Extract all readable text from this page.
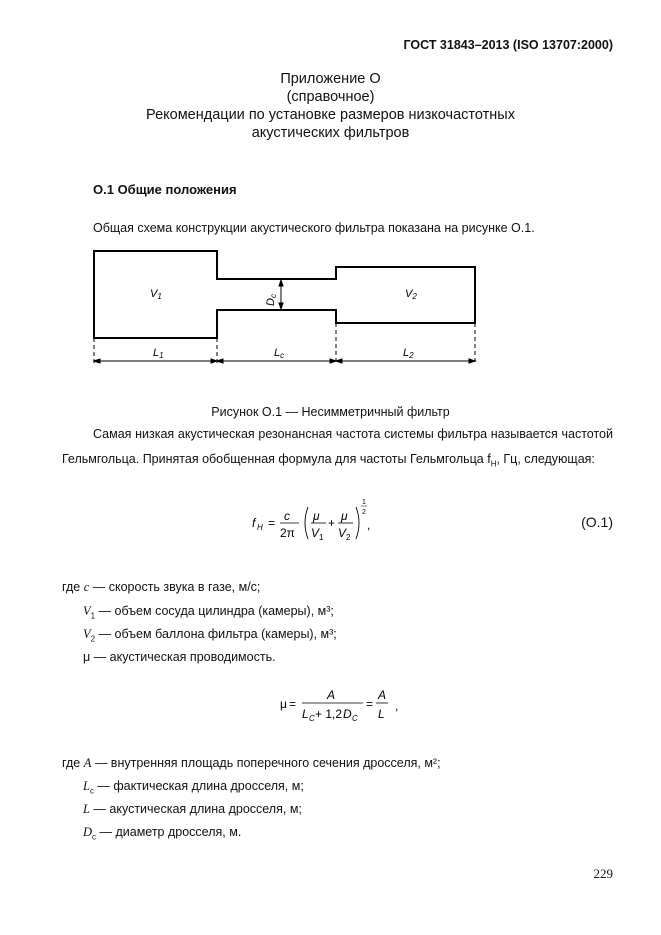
ГОСТ 31843–2013 (ISO 13707:2000)
Приложение О
(справочное)
Рекомендации по установке размеров низкочастотных
акустических фильтров
О.1 Общие положения
Общая схема конструкции акустического фильтра показана на рисунке О.1.
V1	V2
Dc
L1	Lc	L2
Рисунок О.1 — Несимметричный фильтр
Самая низкая акустическая резонансная частота системы фильтра называется частотой Гельмгольца. Принятая обобщенная формула для частоты Гельмгольца $f_H$, Гц, следующая:
f H = c
2π
μ
V 1
+ μ
V 2
1
2
,	(О.1)
где c — скорость звука в газе, м/с;
$V_1$ — объем сосуда цилиндра (камеры), м³;
$V_2$ — объем баллона фильтра (камеры), м³;
μ — акустическая проводимость.
μ =
A
L C + 1,2 D C
=
A
L
,
где A — внутренняя площадь поперечного сечения дросселя, м²;
$L_c$ — фактическая длина дросселя, м;
L — акустическая длина дросселя, м;
$D_c$ — диаметр дросселя, м.
229
